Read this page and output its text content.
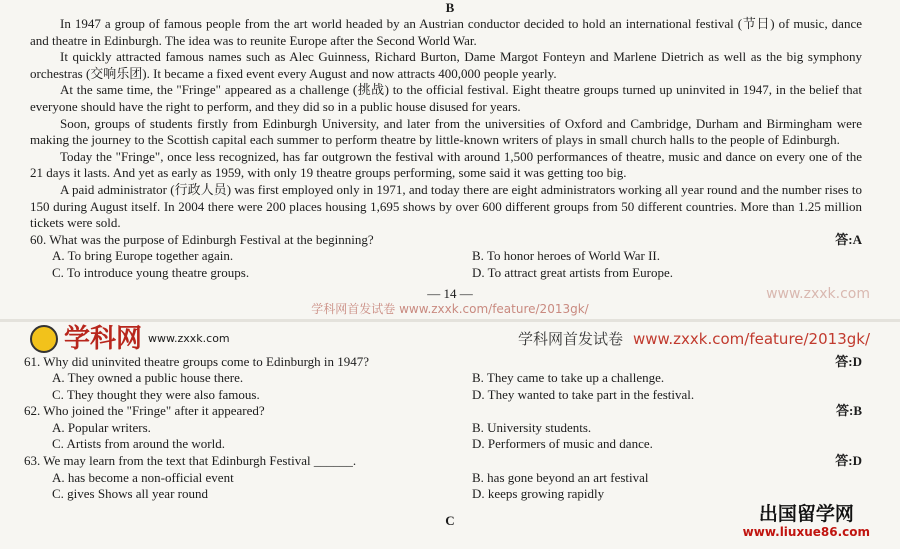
B

In 1947 a group of famous people from the art world headed by an Austrian conductor decided to hold an international festival (节日) of music, dance and theatre in Edinburgh. The idea was to reunite Europe after the Second World War.

It quickly attracted famous names such as Alec Guinness, Richard Burton, Dame Margot Fonteyn and Marlene Dietrich as well as the big symphony orchestras (交响乐团). It became a fixed event every August and now attracts 400,000 people yearly.

At the same time, the "Fringe" appeared as a challenge (挑战) to the official festival. Eight theatre groups turned up uninvited in 1947, in the belief that everyone should have the right to perform, and they did so in a public house disused for years.

Soon, groups of students firstly from Edinburgh University, and later from the universities of Oxford and Cambridge, Durham and Birmingham were making the journey to the Scottish capital each summer to perform theatre by little-known writers of plays in small church halls to the people of Edinburgh.

Today the "Fringe", once less recognized, has far outgrown the festival with around 1,500 performances of theatre, music and dance on every one of the 21 days it lasts. And yet as early as 1959, with only 19 theatre groups performing, some said it was getting too big.

A paid administrator (行政人员) was first employed only in 1971, and today there are eight administrators working all year round and the number rises to 150 during August itself. In 2004 there were 200 places housing 1,695 shows by over 600 different groups from 50 different countries. More than 1.25 million tickets were sold.

60. What was the purpose of Edinburgh Festival at the beginning?	答:A
A. To bring Europe together again.	B. To honor heroes of World War II.
C. To introduce young theatre groups.	D. To attract great artists from Europe.
— 14 —	www.zxxk.com
学科网首发试卷 www.zxxk.com/feature/2013gk/
学科网 www.zxxk.com	学科网首发试卷 www.zxxk.com/feature/2013gk/
61. Why did uninvited theatre groups come to Edinburgh in 1947?	答:D
A. They owned a public house there.	B. They came to take up a challenge.
C. They thought they were also famous.	D. They wanted to take part in the festival.
62. Who joined the "Fringe" after it appeared?	答:B
A. Popular writers.	B. University students.
C. Artists from around the world.	D. Performers of music and dance.
63. We may learn from the text that Edinburgh Festival ______.	答:D
A. has become a non-official event	B. has gone beyond an art festival
C. gives Shows all year round	D. keeps growing rapidly
C	出国留学网
www.liuxue86.com
